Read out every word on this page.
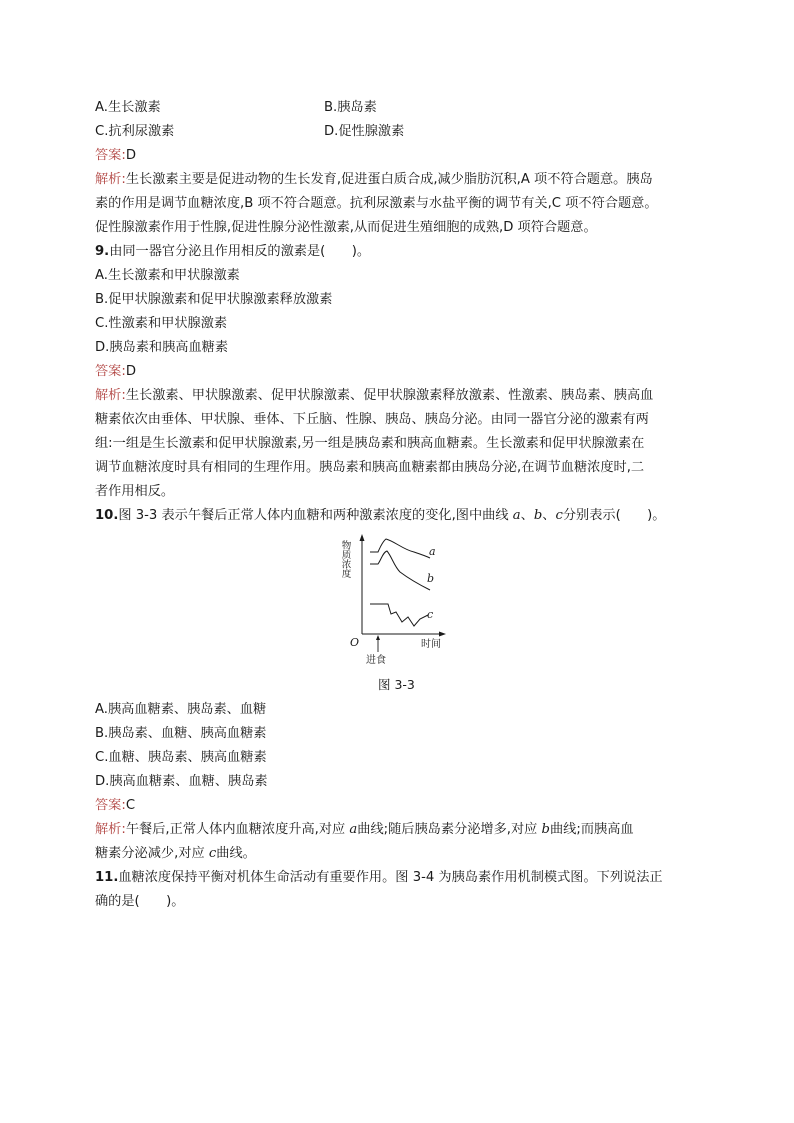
A.生长激素	B.胰岛素
C.抗利尿激素	D.促性腺激素
答案:D
解析:生长激素主要是促进动物的生长发育,促进蛋白质合成,减少脂肪沉积,A 项不符合题意。胰岛
素的作用是调节血糖浓度,B 项不符合题意。抗利尿激素与水盐平衡的调节有关,C 项不符合题意。
促性腺激素作用于性腺,促进性腺分泌性激素,从而促进生殖细胞的成熟,D 项符合题意。
9.由同一器官分泌且作用相反的激素是(　　)。
A.生长激素和甲状腺激素
B.促甲状腺激素和促甲状腺激素释放激素
C.性激素和甲状腺激素
D.胰岛素和胰高血糖素
答案:D
解析:生长激素、甲状腺激素、促甲状腺激素、促甲状腺激素释放激素、性激素、胰岛素、胰高血
糖素依次由垂体、甲状腺、垂体、下丘脑、性腺、胰岛、胰岛分泌。由同一器官分泌的激素有两
组:一组是生长激素和促甲状腺激素,另一组是胰岛素和胰高血糖素。生长激素和促甲状腺激素在
调节血糖浓度时具有相同的生理作用。胰岛素和胰高血糖素都由胰岛分泌,在调节血糖浓度时,二
者作用相反。
10.图 3-3 表示午餐后正常人体内血糖和两种激素浓度的变化,图中曲线 a、b、c分别表示(　　)。
物质浓度
O	时间
进食
a
b
c
图 3-3
A.胰高血糖素、胰岛素、血糖
B.胰岛素、血糖、胰高血糖素
C.血糖、胰岛素、胰高血糖素
D.胰高血糖素、血糖、胰岛素
答案:C
解析:午餐后,正常人体内血糖浓度升高,对应 a曲线;随后胰岛素分泌增多,对应 b曲线;而胰高血
糖素分泌减少,对应 c曲线。
11.血糖浓度保持平衡对机体生命活动有重要作用。图 3-4 为胰岛素作用机制模式图。下列说法正
确的是(　　)。
